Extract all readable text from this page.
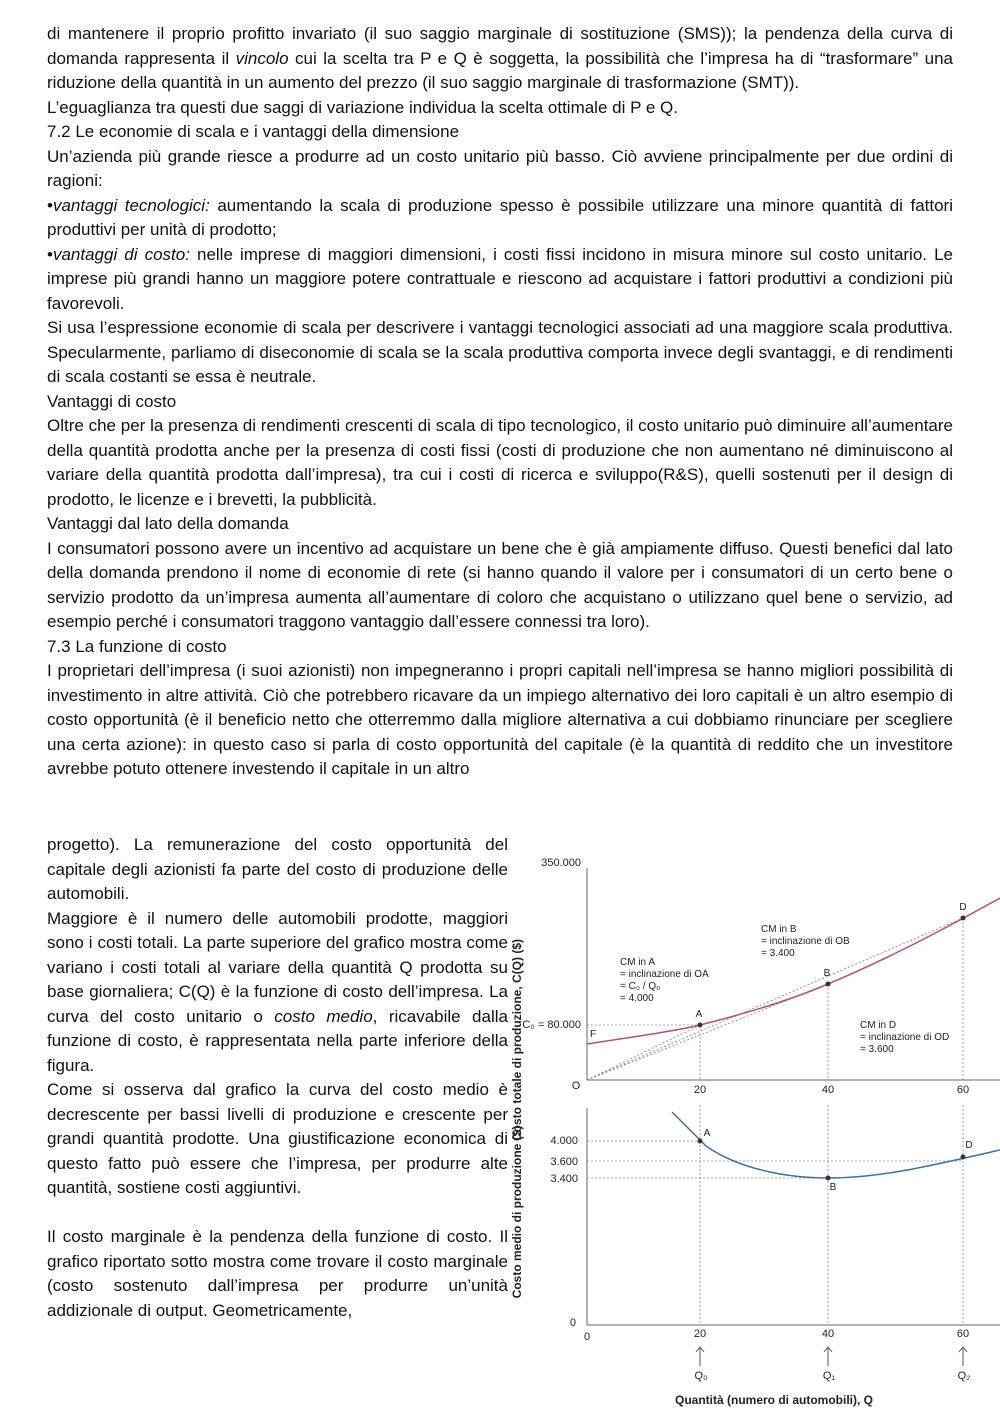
di mantenere il proprio profitto invariato (il suo saggio marginale di sostituzione (SMS)); la pendenza della curva di domanda rappresenta il vincolo cui la scelta tra P e Q è soggetta, la possibilità che l’impresa ha di “trasformare” una riduzione della quantità in un aumento del prezzo (il suo saggio marginale di trasformazione (SMT)).

L’eguaglianza tra questi due saggi di variazione individua la scelta ottimale di P e Q.

7.2 Le economie di scala e i vantaggi della dimensione

Un’azienda più grande riesce a produrre ad un costo unitario più basso. Ciò avviene principalmente per due ordini di ragioni:

•vantaggi tecnologici: aumentando la scala di produzione spesso è possibile utilizzare una minore quantità di fattori produttivi per unità di prodotto;

•vantaggi di costo: nelle imprese di maggiori dimensioni, i costi fissi incidono in misura minore sul costo unitario. Le imprese più grandi hanno un maggiore potere contrattuale e riescono ad acquistare i fattori produttivi a condizioni più favorevoli.

Si usa l’espressione economie di scala per descrivere i vantaggi tecnologici associati ad una maggiore scala produttiva. Specularmente, parliamo di diseconomie di scala se la scala produttiva comporta invece degli svantaggi, e di rendimenti di scala costanti se essa è neutrale.

Vantaggi di costo

Oltre che per la presenza di rendimenti crescenti di scala di tipo tecnologico, il costo unitario può diminuire all’aumentare della quantità prodotta anche per la presenza di costi fissi (costi di produzione che non aumentano né diminuiscono al variare della quantità prodotta dall’impresa), tra cui i costi di ricerca e sviluppo(R&S), quelli sostenuti per il design di prodotto, le licenze e i brevetti, la pubblicità.

Vantaggi dal lato della domanda

I consumatori possono avere un incentivo ad acquistare un bene che è già ampiamente diffuso. Questi benefici dal lato della domanda prendono il nome di economie di rete (si hanno quando il valore per i consumatori di un certo bene o servizio prodotto da un’impresa aumenta all’aumentare di coloro che acquistano o utilizzano quel bene o servizio, ad esempio perché i consumatori traggono vantaggio dall’essere connessi tra loro).

7.3 La funzione di costo

I proprietari dell’impresa (i suoi azionisti) non impegneranno i propri capitali nell’impresa se hanno migliori possibilità di investimento in altre attività. Ciò che potrebbero ricavare da un impiego alternativo dei loro capitali è un altro esempio di costo opportunità (è il beneficio netto che otterremmo dalla migliore alternativa a cui dobbiamo rinunciare per scegliere una certa azione): in questo caso si parla di costo opportunità del capitale (è la quantità di reddito che un investitore avrebbe potuto ottenere investendo il capitale in un altro

progetto). La remunerazione del costo opportunità del capitale degli azionisti fa parte del costo di produzione delle automobili.

Maggiore è il numero delle automobili prodotte, maggiori sono i costi totali. La parte superiore del grafico mostra come variano i costi totali al variare della quantità Q prodotta su base giornaliera; C(Q) è la funzione di costo dell’impresa. La curva del costo unitario o costo medio, ricavabile dalla funzione di costo, è rappresentata nella parte inferiore della figura.

Come si osserva dal grafico la curva del costo medio è decrescente per bassi livelli di produzione e crescente per grandi quantità prodotte. Una giustificazione economica di questo fatto può essere che l’impresa, per produrre alte quantità, sostiene costi aggiuntivi.

Il costo marginale è la pendenza della funzione di costo. Il grafico riportato sotto mostra come trovare il costo marginale (costo sostenuto dall’impresa per produrre un’unità addizionale di output. Geometricamente,

Costo totale di produzione, C(Q) ($)
350.000
C₀ = 80.000
O
F
20	40	60
A
B
D
CM in A
= inclinazione di OA
= C₀ / Q₀
= 4.000
CM in B
= inclinazione di OB
= 3.400
CM in D
= inclinazione di OD
= 3.600
Costo medio di produzione ($) 4.000
3.600
3.400
0
0	20	40	60
A
B
D
Q₀	Q₁	Q₂
Quantità (numero di automobili), Q
